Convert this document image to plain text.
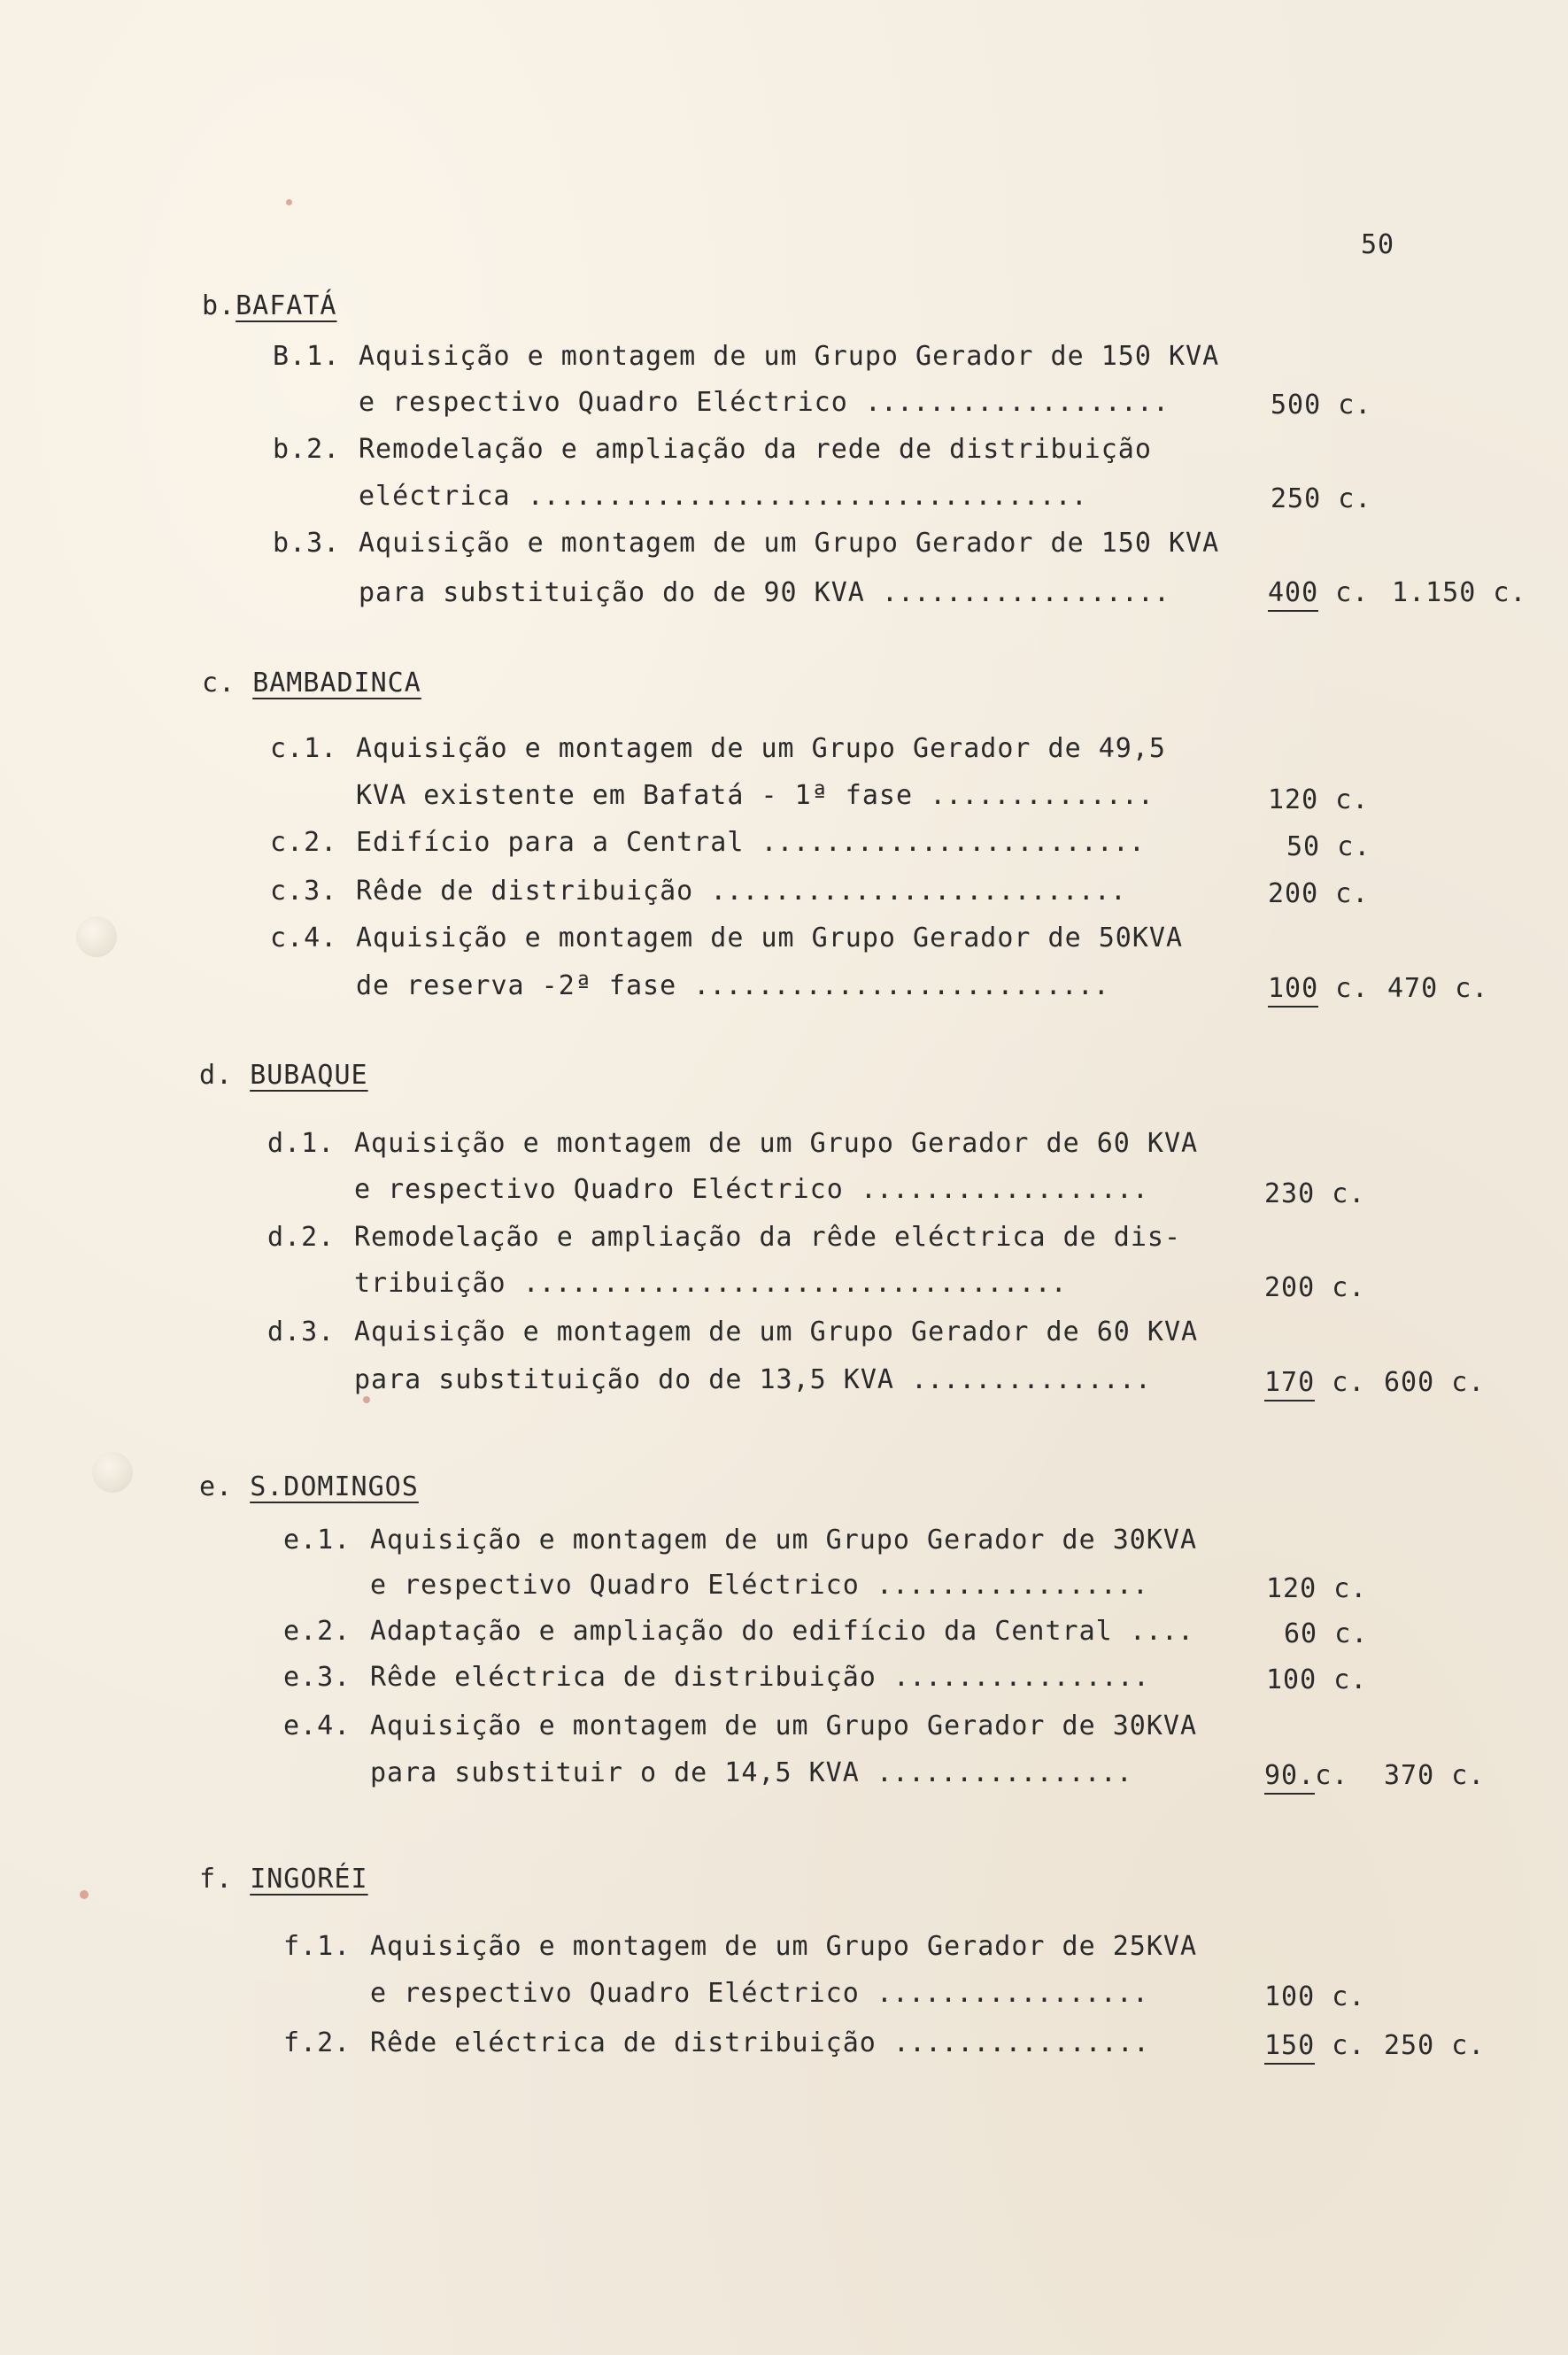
50
b.BAFATÁ
B.1. Aquisição e montagem de um Grupo Gerador de 150 KVA
e respectivo Quadro Eléctrico ...................	500 c.
b.2. Remodelação e ampliação da rede de distribuição
eléctrica ...................................	250 c.
b.3. Aquisição e montagem de um Grupo Gerador de 150 KVA
para substituição do de 90 KVA ..................	400 c. 1.150 c.
c. BAMBADINCA
c.1. Aquisição e montagem de um Grupo Gerador de 49,5
KVA existente em Bafatá - 1ª fase ..............	120 c.
c.2. Edifício para a Central ........................	50 c.
c.3. Rêde de distribuição ..........................	200 c.
c.4. Aquisição e montagem de um Grupo Gerador de 50KVA
de reserva -2ª fase ..........................	100 c. 470 c.
d. BUBAQUE
d.1. Aquisição e montagem de um Grupo Gerador de 60 KVA
e respectivo Quadro Eléctrico ..................	230 c.
d.2. Remodelação e ampliação da rêde eléctrica de dis-
tribuição ..................................	200 c.
d.3. Aquisição e montagem de um Grupo Gerador de 60 KVA
para substituição do de 13,5 KVA ...............	170 c. 600 c.
e. S.DOMINGOS
e.1. Aquisição e montagem de um Grupo Gerador de 30KVA
e respectivo Quadro Eléctrico .................	120 c.
e.2. Adaptação e ampliação do edifício da Central ....	60 c.
e.3. Rêde eléctrica de distribuição ................	100 c.
e.4. Aquisição e montagem de um Grupo Gerador de 30KVA
para substituir o de 14,5 KVA ................	90.c. 370 c.
f. INGORÉI
f.1. Aquisição e montagem de um Grupo Gerador de 25KVA
e respectivo Quadro Eléctrico .................	100 c.
f.2. Rêde eléctrica de distribuição ................	150 c. 250 c.
